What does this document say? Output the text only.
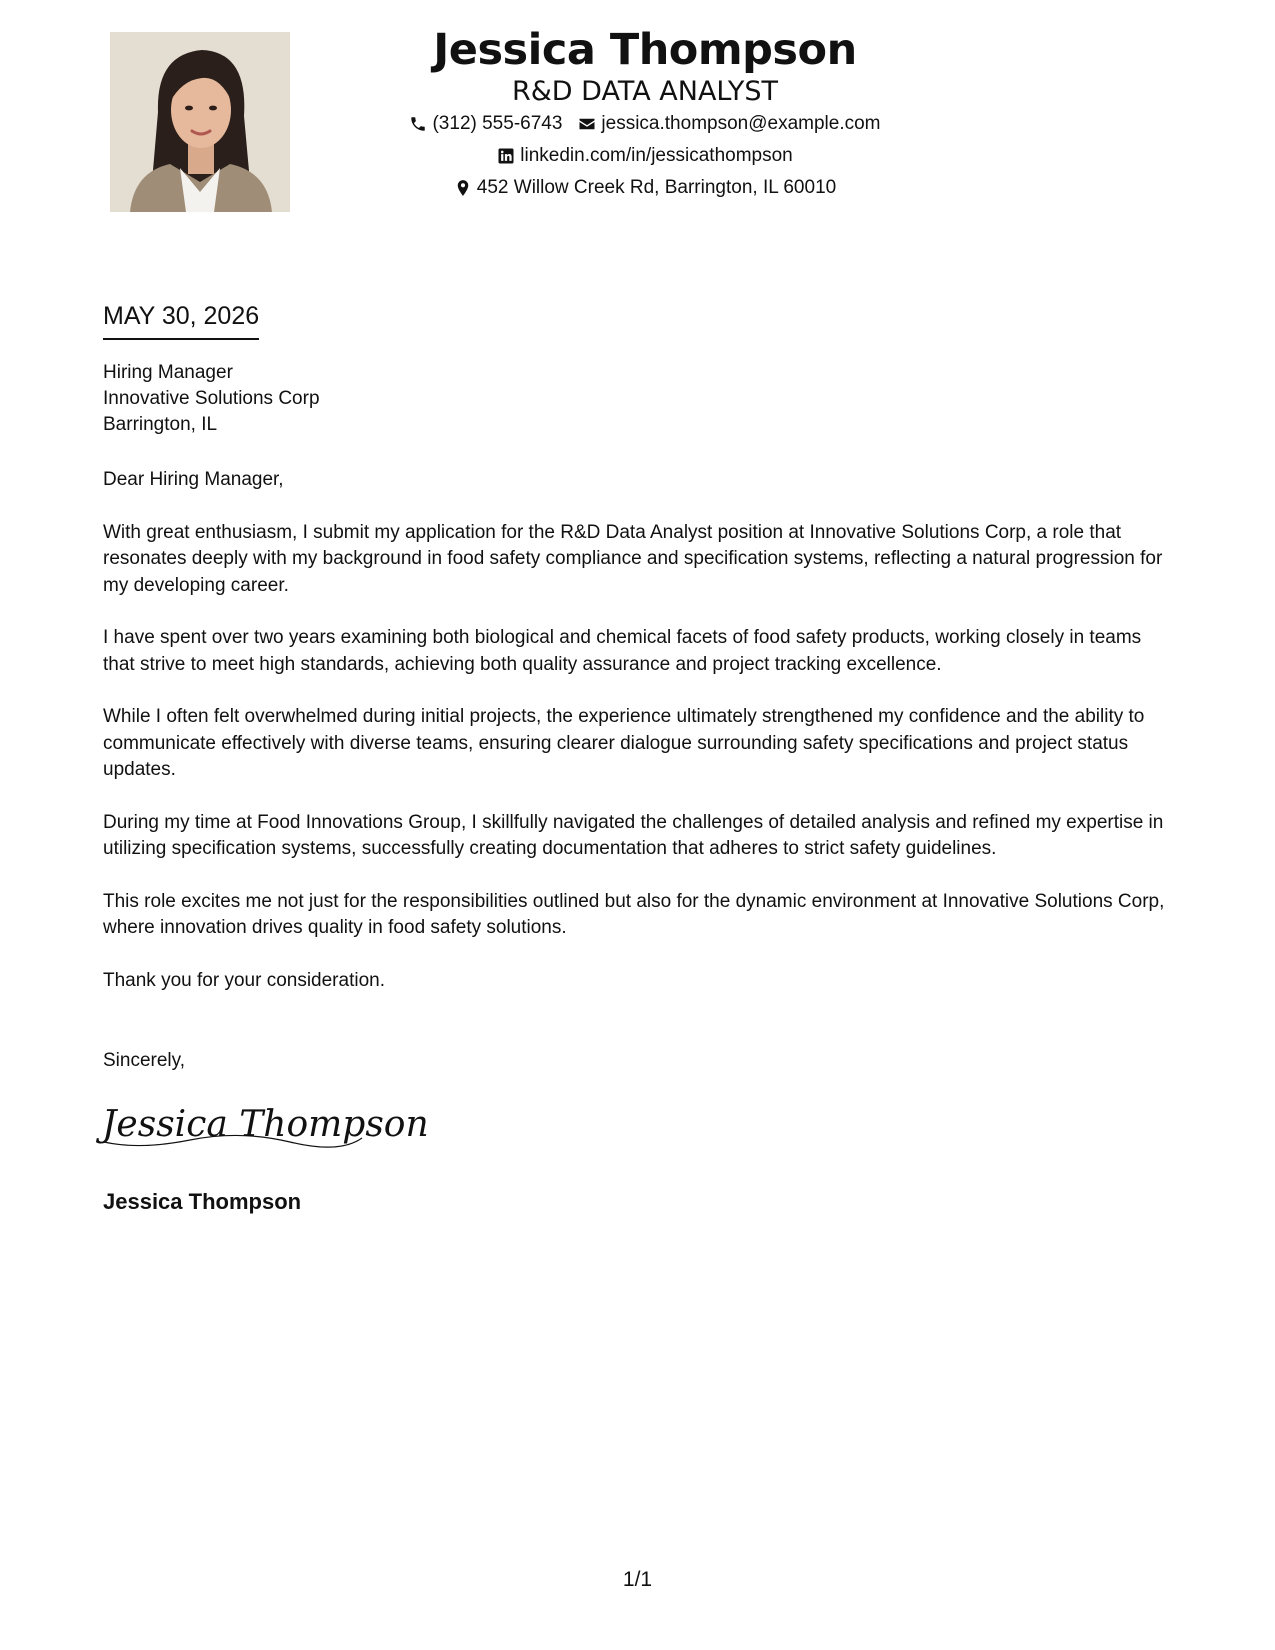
Jessica Thompson
R&D DATA ANALYST
(312) 555-6743 jessica.thompson@example.com
linkedin.com/in/jessicathompson
452 Willow Creek Rd, Barrington, IL 60010
MAY 30, 2026
Hiring Manager
Innovative Solutions Corp
Barrington, IL

Dear Hiring Manager,

With great enthusiasm, I submit my application for the R&D Data Analyst position at Innovative Solutions Corp, a role that resonates deeply with my background in food safety compliance and specification systems, reflecting a natural progression for my developing career.

I have spent over two years examining both biological and chemical facets of food safety products, working closely in teams that strive to meet high standards, achieving both quality assurance and project tracking excellence.

While I often felt overwhelmed during initial projects, the experience ultimately strengthened my confidence and the ability to communicate effectively with diverse teams, ensuring clearer dialogue surrounding safety specifications and project status updates.

During my time at Food Innovations Group, I skillfully navigated the challenges of detailed analysis and refined my expertise in utilizing specification systems, successfully creating documentation that adheres to strict safety guidelines.

This role excites me not just for the responsibilities outlined but also for the dynamic environment at Innovative Solutions Corp, where innovation drives quality in food safety solutions.

Thank you for your consideration.

Sincerely,
Jessica Thompson
Jessica Thompson
1/1
